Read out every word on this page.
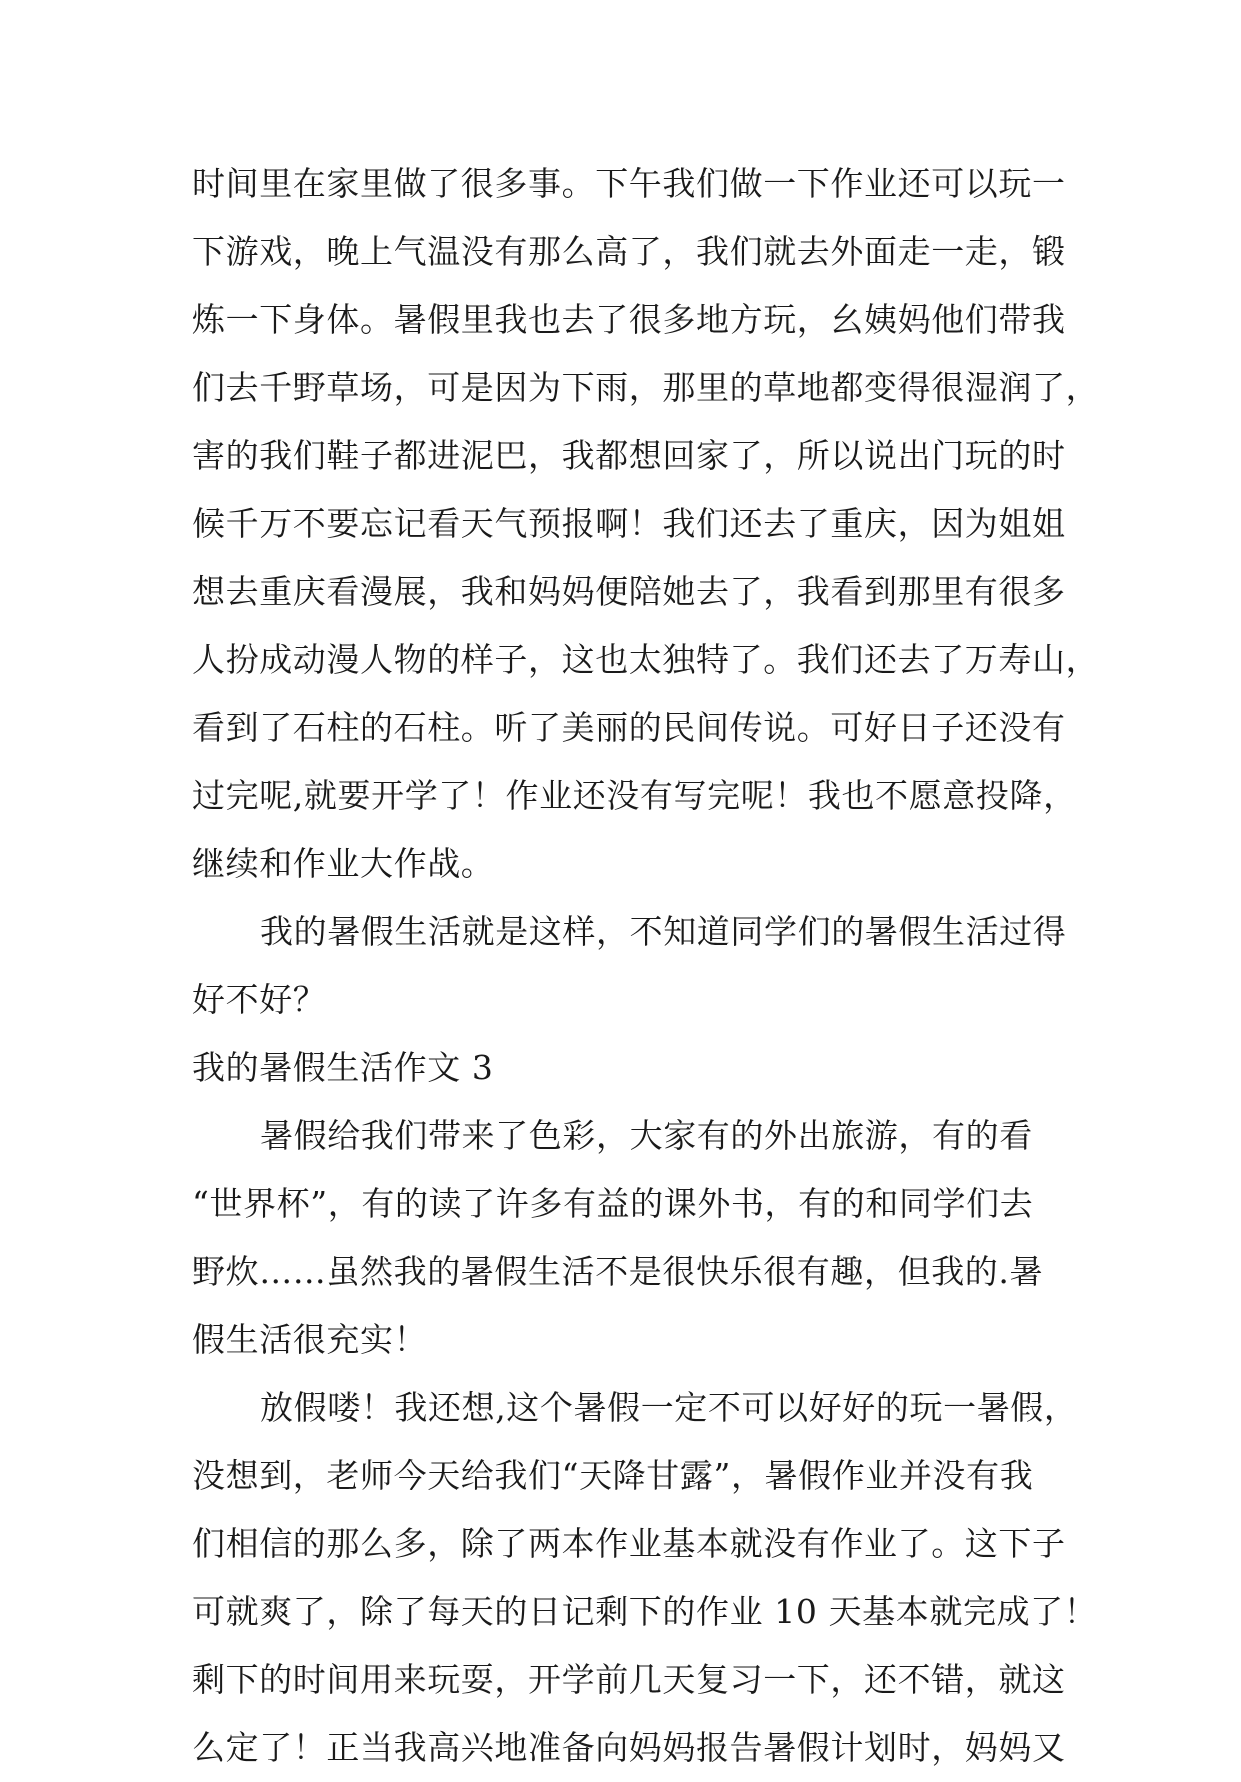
时间里在家里做了很多事。下午我们做一下作业还可以玩一
下游戏，晚上气温没有那么高了，我们就去外面走一走，锻
炼一下身体。暑假里我也去了很多地方玩，幺姨妈他们带我
们去千野草场，可是因为下雨，那里的草地都变得很湿润了，
害的我们鞋子都进泥巴，我都想回家了，所以说出门玩的时
候千万不要忘记看天气预报啊！我们还去了重庆，因为姐姐
想去重庆看漫展，我和妈妈便陪她去了，我看到那里有很多
人扮成动漫人物的样子，这也太独特了。我们还去了万寿山，
看到了石柱的石柱。听了美丽的民间传说。可好日子还没有
过完呢,就要开学了！作业还没有写完呢！我也不愿意投降，
继续和作业大作战。
我的暑假生活就是这样，不知道同学们的暑假生活过得
好不好？
我的暑假生活作文 3
暑假给我们带来了色彩，大家有的外出旅游，有的看
“世界杯”，有的读了许多有益的课外书，有的和同学们去
野炊……虽然我的暑假生活不是很快乐很有趣，但我的.暑
假生活很充实！
放假喽！我还想,这个暑假一定不可以好好的玩一暑假，
没想到，老师今天给我们“天降甘露”，暑假作业并没有我
们相信的那么多，除了两本作业基本就没有作业了。这下子
可就爽了，除了每天的日记剩下的作业 10 天基本就完成了！
剩下的时间用来玩耍，开学前几天复习一下，还不错，就这
么定了！正当我高兴地准备向妈妈报告暑假计划时，妈妈又
